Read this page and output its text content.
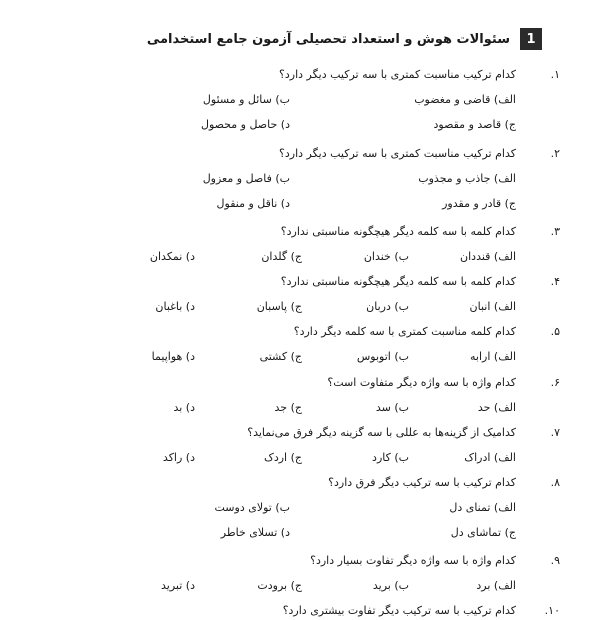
1
سئوالات هوش و استعداد تحصیلی آزمون جامع استخدامی
۱.
کدام ترکیب مناسبت کمتری با سه ترکیب دیگر دارد؟
الف) قاضی و مغضوب
ب) سائل و مسئول
ج) قاصد و مقصود
د) حاصل و محصول
۲.
کدام ترکیب مناسبت کمتری با سه ترکیب دیگر دارد؟
الف) جاذب و مجذوب
ب) فاصل و معزول
ج) قادر و مقدور
د) ناقل و منقول
۳.
کدام کلمه با سه کلمه دیگر هیچگونه مناسبتی ندارد؟
الف) قنددان
ب) خندان
ج) گلدان
د) نمکدان
۴.
کدام کلمه با سه کلمه دیگر هیچگونه مناسبتی ندارد؟
الف) انبان
ب) دربان
ج) پاسبان
د) باغبان
۵.
کدام کلمه مناسبت کمتری با سه کلمه دیگر دارد؟
الف) ارابه
ب) اتوبوس
ج) کشتی
د) هواپیما
۶.
کدام واژه با سه واژه دیگر متفاوت است؟
الف) حد
ب) سد
ج) جد
د) بد
۷.
کدامیک از گزینه‌ها به عللی با سه گزینه دیگر فرق می‌نماید؟
الف) ادراک
ب) کارد
ج) اردک
د) راکد
۸.
کدام ترکیب با سه ترکیب دیگر فرق دارد؟
الف) تمنای دل
ب) تولای دوست
ج) تماشای دل
د) تسلای خاطر
۹.
کدام واژه با سه واژه دیگر تفاوت بسیار دارد؟
الف) برد
ب) برید
ج) برودت
د) تبرید
۱۰.
کدام ترکیب با سه ترکیب دیگر تفاوت بیشتری دارد؟
